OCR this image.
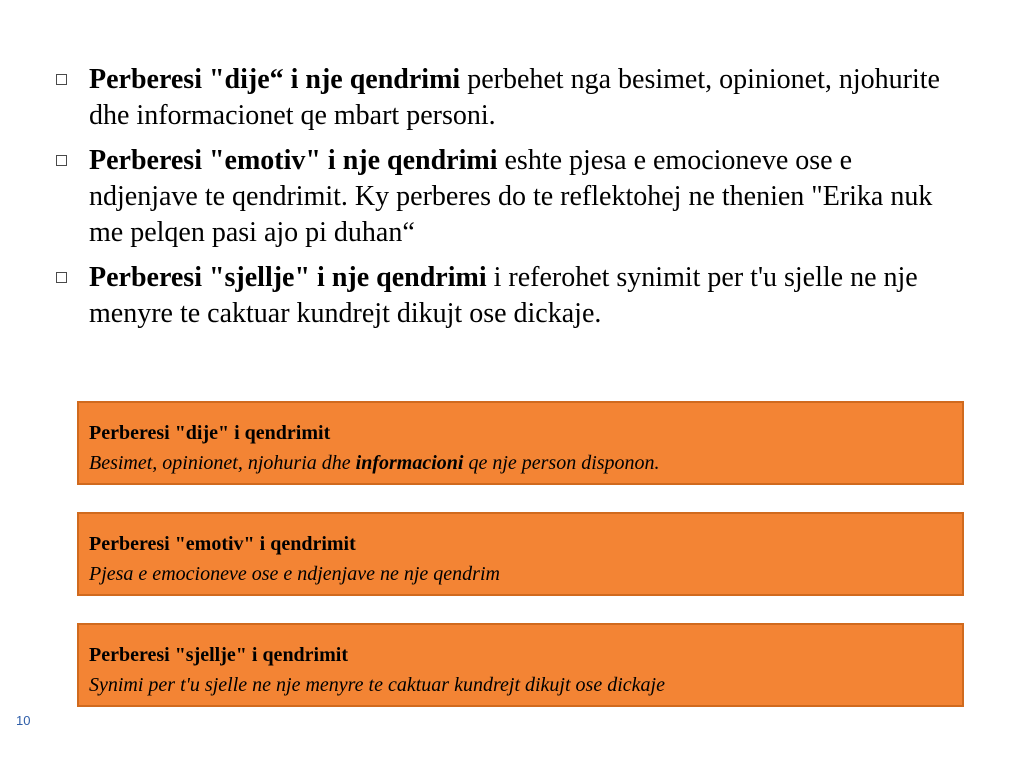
Perberesi "dije“ i nje qendrimi perbehet nga besimet, opinionet, njohurite dhe informacionet qe mbart personi.
Perberesi "emotiv" i nje qendrimi eshte pjesa e emocioneve ose e ndjenjave te qendrimit. Ky perberes do te reflektohej ne thenien "Erika nuk me pelqen pasi ajo pi duhan“
Perberesi "sjellje" i nje qendrimi i referohet synimit per t'u sjelle ne nje menyre te caktuar kundrejt dikujt ose dickaje.
Perberesi "dije" i qendrimit
Besimet, opinionet, njohuria dhe informacioni qe nje person disponon.
Perberesi "emotiv" i qendrimit
Pjesa e emocioneve ose e ndjenjave ne nje qendrim
Perberesi "sjellje" i qendrimit
Synimi per t'u sjelle ne nje menyre te caktuar kundrejt dikujt ose dickaje
10
